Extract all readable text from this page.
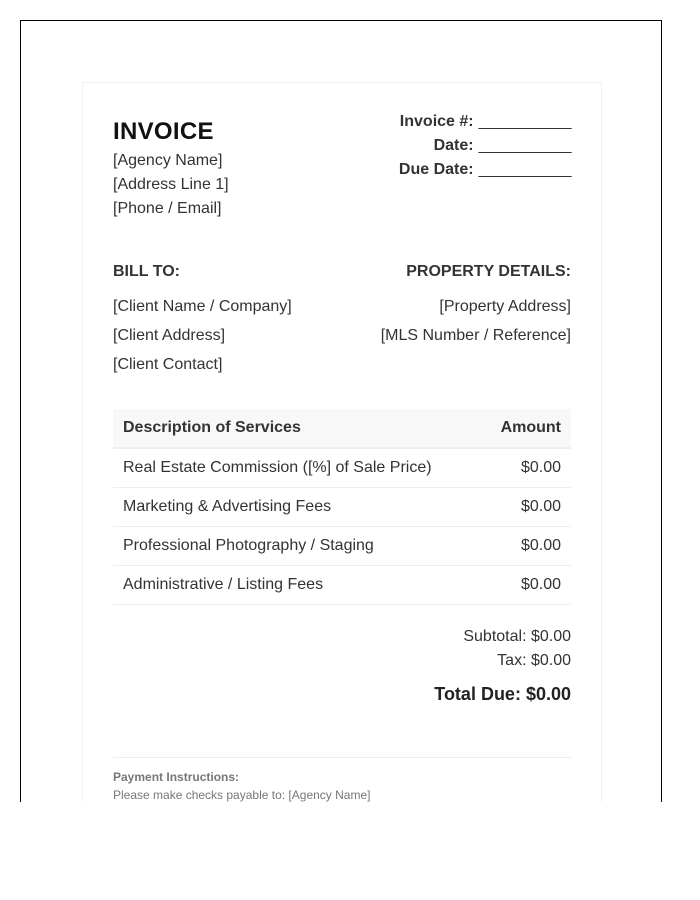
INVOICE
[Agency Name]
[Address Line 1]
[Phone / Email]
Invoice #: ___________
Date: ___________
Due Date: ___________
BILL TO:
[Client Name / Company]
[Client Address]
[Client Contact]
PROPERTY DETAILS:
[Property Address]
[MLS Number / Reference]
Description of Services	Amount
Real Estate Commission ([%] of Sale Price)	$0.00
Marketing & Advertising Fees	$0.00
Professional Photography / Staging	$0.00
Administrative / Listing Fees	$0.00
Subtotal: $0.00
Tax: $0.00
Total Due: $0.00
Payment Instructions:
Please make checks payable to: [Agency Name]
